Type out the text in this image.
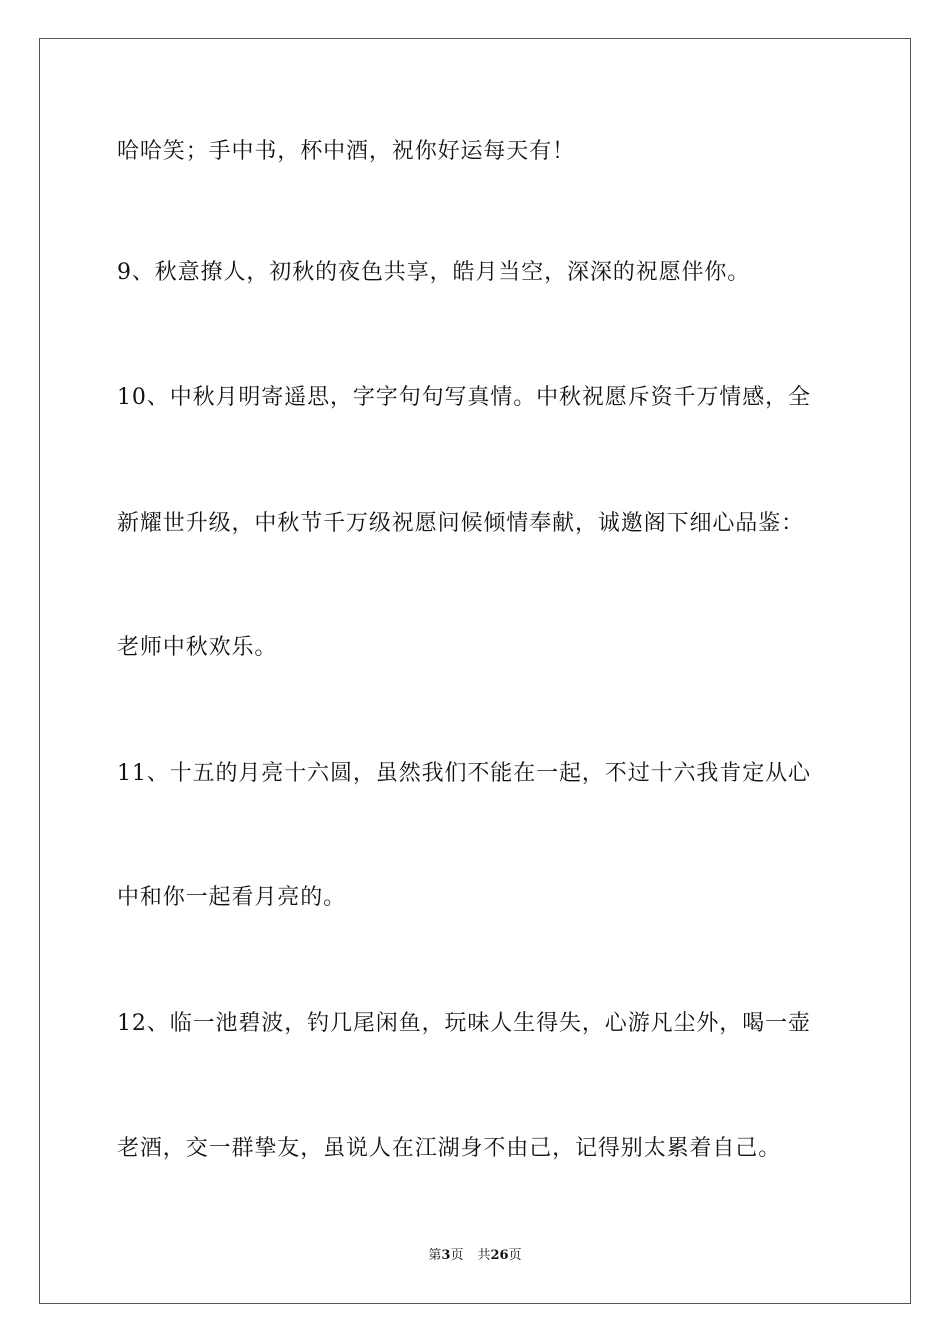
哈哈笑；手中书，杯中酒，祝你好运每天有！
9、秋意撩人，初秋的夜色共享，皓月当空，深深的祝愿伴你。
10、中秋月明寄遥思，字字句句写真情。中秋祝愿斥资千万情感，全
新耀世升级，中秋节千万级祝愿问候倾情奉献，诚邀阁下细心品鉴：
老师中秋欢乐。
11、十五的月亮十六圆，虽然我们不能在一起，不过十六我肯定从心
中和你一起看月亮的。
12、临一池碧波，钓几尾闲鱼，玩味人生得失，心游凡尘外，喝一壶
老酒，交一群挚友，虽说人在江湖身不由己，记得别太累着自己。
第3页 共26页
